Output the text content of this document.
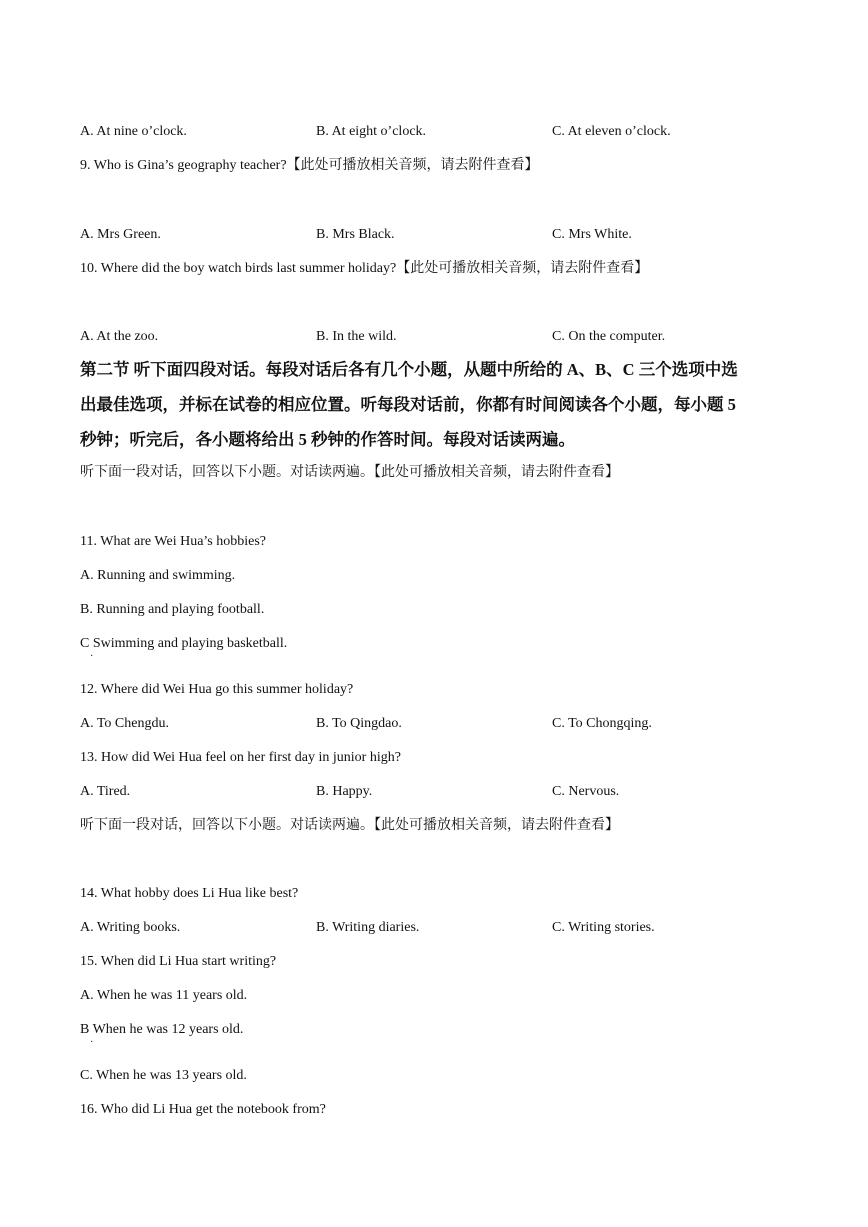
A. At nine o’clock.	B. At eight o’clock.	C. At eleven o’clock.
9. Who is Gina’s geography teacher?【此处可播放相关音频，请去附件查看】
A. Mrs Green.	B. Mrs Black.	C. Mrs White.
10. Where did the boy watch birds last summer holiday?【此处可播放相关音频，请去附件查看】
A. At the zoo.	B. In the wild.	C. On the computer.
第二节 听下面四段对话。每段对话后各有几个小题，从题中所给的 A、B、C 三个选项中选
出最佳选项，并标在试卷的相应位置。听每段对话前，你都有时间阅读各个小题，每小题 5
秒钟；听完后，各小题将给出 5 秒钟的作答时间。每段对话读两遍。
听下面一段对话，回答以下小题。对话读两遍。【此处可播放相关音频，请去附件查看】
11. What are Wei Hua’s hobbies?
A. Running and swimming.
B. Running and playing football.
C Swimming and playing basketball.
·
12. Where did Wei Hua go this summer holiday?
A. To Chengdu.	B. To Qingdao.	C. To Chongqing.
13. How did Wei Hua feel on her first day in junior high?
A. Tired.	B. Happy.	C. Nervous.
听下面一段对话，回答以下小题。对话读两遍。【此处可播放相关音频，请去附件查看】
14. What hobby does Li Hua like best?
A. Writing books.	B. Writing diaries.	C. Writing stories.
15. When did Li Hua start writing?
A. When he was 11 years old.
B When he was 12 years old.
·
C. When he was 13 years old.
16. Who did Li Hua get the notebook from?
